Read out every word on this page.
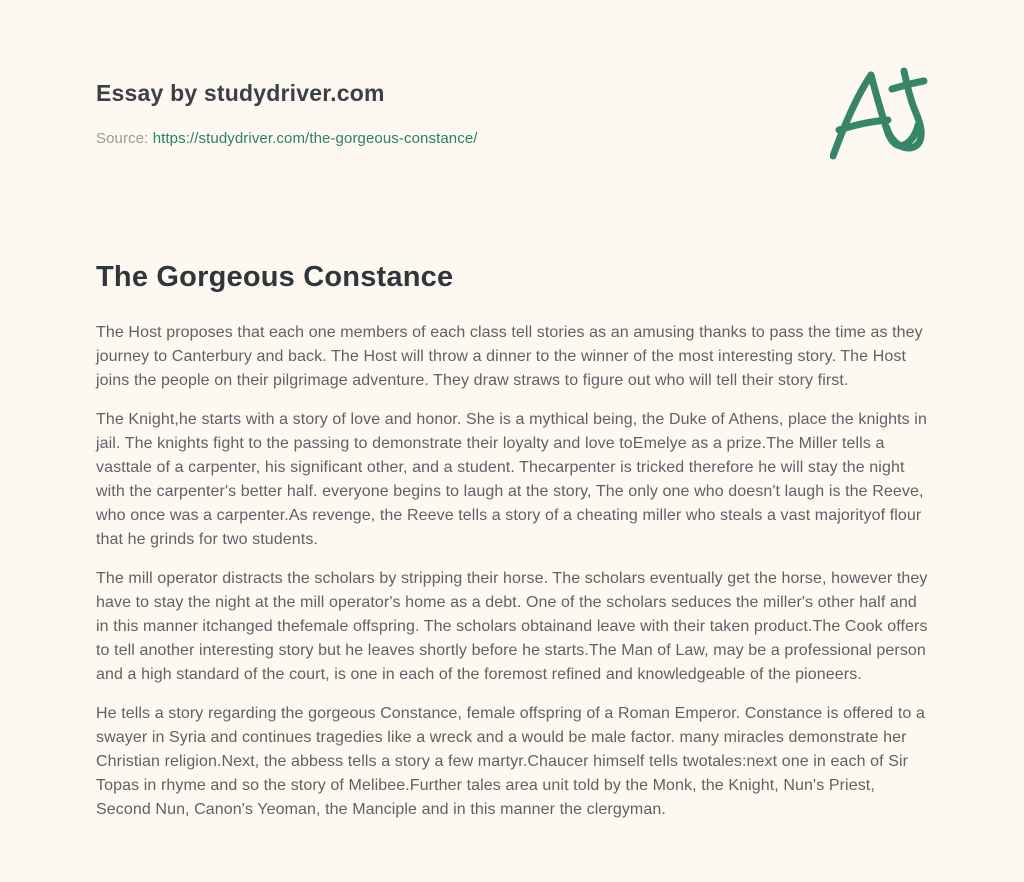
Essay by studydriver.com
Source: https://studydriver.com/the-gorgeous-constance/
The Gorgeous Constance

The Host proposes that each one members of each class tell stories as an amusing thanks to pass the time as they journey to Canterbury and back. The Host will throw a dinner to the winner of the most interesting story. The Host joins the people on their pilgrimage adventure. They draw straws to figure out who will tell their story first.

The Knight,he starts with a story of love and honor. She is a mythical being, the Duke of Athens, place the knights in jail. The knights fight to the passing to demonstrate their loyalty and love toEmelye as a prize.The Miller tells a vasttale of a carpenter, his significant other, and a student. Thecarpenter is tricked therefore he will stay the night with the carpenter's better half. everyone begins to laugh at the story, The only one who doesn't laugh is the Reeve, who once was a carpenter.As revenge, the Reeve tells a story of a cheating miller who steals a vast majorityof flour that he grinds for two students.

The mill operator distracts the scholars by stripping their horse. The scholars eventually get the horse, however they have to stay the night at the mill operator's home as a debt. One of the scholars seduces the miller's other half and in this manner itchanged thefemale offspring. The scholars obtainand leave with their taken product.The Cook offers to tell another interesting story but he leaves shortly before he starts.The Man of Law, may be a professional person and a high standard of the court, is one in each of the foremost refined and knowledgeable of the pioneers.

He tells a story regarding the gorgeous Constance, female offspring of a Roman Emperor. Constance is offered to a swayer in Syria and continues tragedies like a wreck and a would be male factor. many miracles demonstrate her Christian religion.Next, the abbess tells a story a few martyr.Chaucer himself tells twotales:next one in each of Sir Topas in rhyme and so the story of Melibee.Further tales area unit told by the Monk, the Knight, Nun's Priest, Second Nun, Canon's Yeoman, the Manciple and in this manner the clergyman.
